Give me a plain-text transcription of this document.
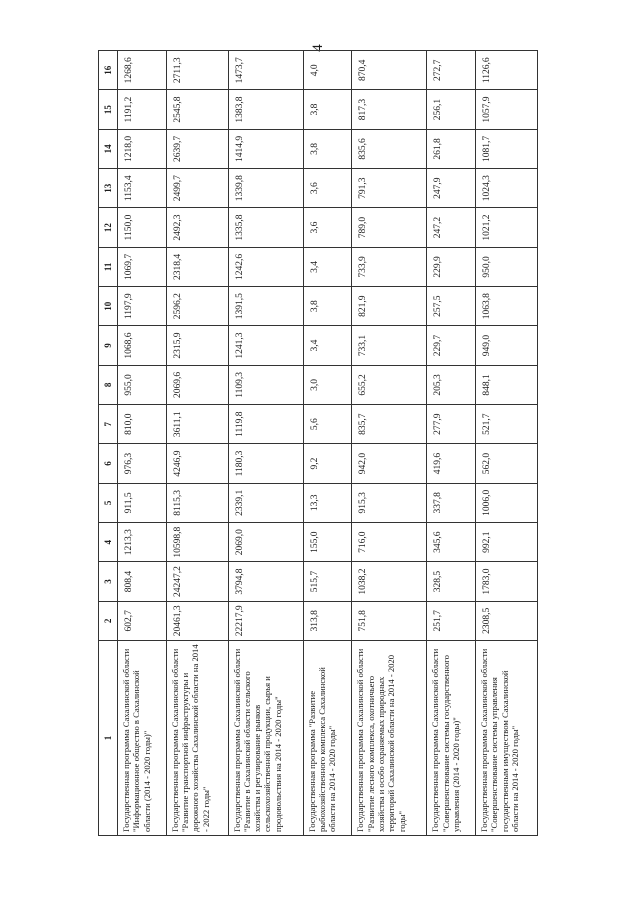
4
1	2	3	4	5	6	7	8	9	10	11	12	13	14	15	16
Государственная программа Сахалинской области "Информационное общество в Сахалинской области (2014 - 2020 годы)"	602,7	808,4	1213,3	911,5	976,3	810,0	955,0	1068,6	1197,9	1069,7	1150,0	1153,4	1218,0	1191,2	1268,6
Государственная программа Сахалинской области "Развитие транспортной инфраструктуры и дорожного хозяйства Сахалинской области на 2014 - 2022 годы"	20461,3	24247,2	10598,8	8115,3	4246,9	3611,1	2069,6	2315,9	2596,2	2318,4	2492,3	2499,7	2639,7	2545,8	2711,3
Государственная программа Сахалинской области "Развитие в Сахалинской области сельского хозяйства и регулирование рынков сельскохозяйственной продукции, сырья и продовольствия на 2014 - 2020 годы"	22217,9	3794,8	2069,0	2339,1	1180,3	1119,8	1109,3	1241,3	1391,5	1242,6	1335,8	1339,8	1414,9	1383,8	1473,7
Государственная программа "Развитие рыбохозяйственного комплекса Сахалинской области на 2014 - 2020 годы"	313,8	515,7	155,0	13,3	9,2	5,6	3,0	3,4	3,8	3,4	3,6	3,6	3,8	3,8	4,0
Государственная программа Сахалинской области "Развитие лесного комплекса, охотничьего хозяйства и особо охраняемых природных территорий Сахалинской области на 2014 - 2020 годы"	751,8	1038,2	716,0	915,3	942,0	835,7	655,2	733,1	821,9	733,9	789,0	791,3	835,6	817,3	870,4
Государственная программа Сахалинской области "Совершенствование системы государственного управления (2014 - 2020 годы)"	251,7	328,5	345,6	337,8	419,6	277,9	205,3	229,7	257,5	229,9	247,2	247,9	261,8	256,1	272,7
Государственная программа Сахалинской области "Совершенствование системы управления государственным имуществом Сахалинской области на 2014 - 2020 годы"	2308,5	1783,0	992,1	1006,0	562,0	521,7	848,1	949,0	1063,8	950,0	1021,2	1024,3	1081,7	1057,9	1126,6
